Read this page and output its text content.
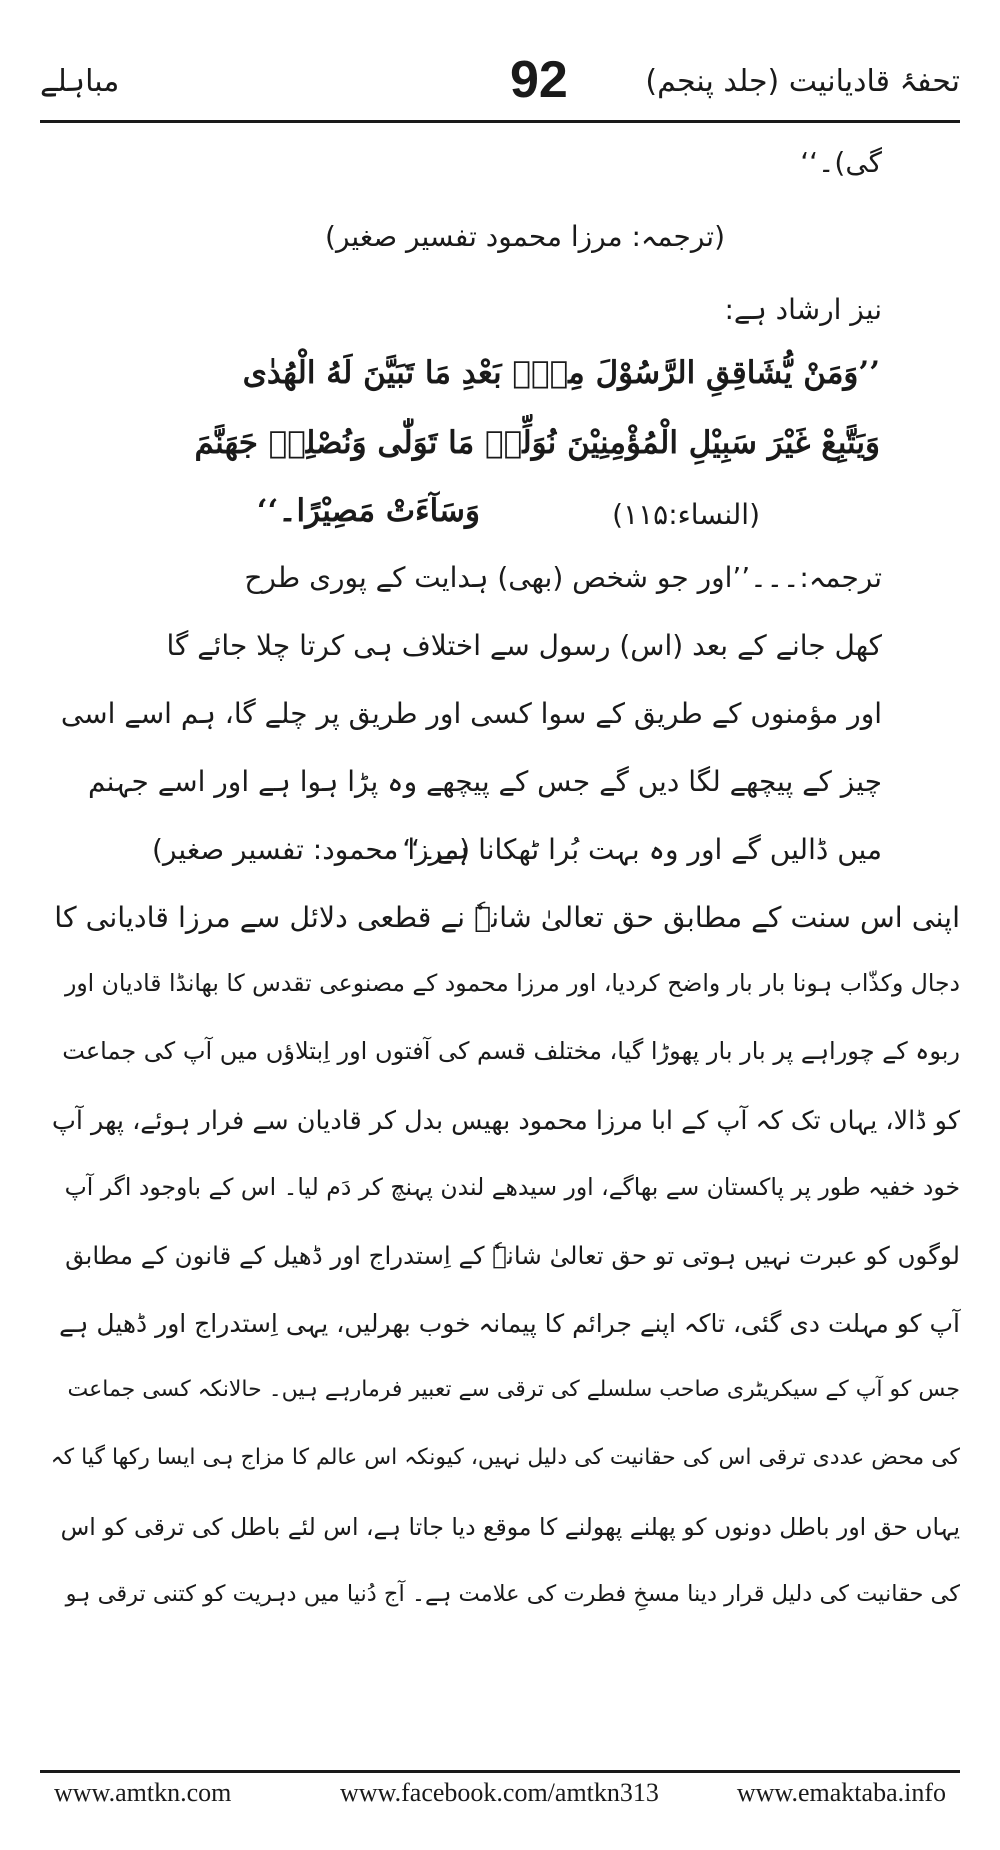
تحفۂ قادیانیت (جلد پنجم)
92
مباہلے
گی)۔‘‘
(ترجمہ: مرزا محمود تفسیر صغیر)
نیز ارشاد ہے:
’’وَمَنْ يُّشَاقِقِ الرَّسُوْلَ مِنْۢ بَعْدِ مَا تَبَيَّنَ لَهُ الْهُدٰى
وَيَتَّبِعْ غَيْرَ سَبِيْلِ الْمُؤْمِنِيْنَ نُوَلِّهٖ مَا تَوَلّٰى وَنُصْلِهٖ جَهَنَّمَ
وَسَآءَتْ مَصِيْرًا۔‘‘	(النساء:۱۱۵)
ترجمہ:۔۔۔’’اور جو شخص (بھی) ہدایت کے پوری طرح
کھل جانے کے بعد (اس) رسول سے اختلاف ہی کرتا چلا جائے گا
اور مؤمنوں کے طریق کے سوا کسی اور طریق پر چلے گا، ہم اسے اسی
چیز کے پیچھے لگا دیں گے جس کے پیچھے وہ پڑا ہوا ہے اور اسے جہنم
میں ڈالیں گے اور وہ بہت بُرا ٹھکانا ہے۔‘‘
(مرزا محمود: تفسیر صغیر)
اپنی اس سنت کے مطابق حق تعالیٰ شانہٗ نے قطعی دلائل سے مرزا قادیانی کا
دجال وکذّاب ہونا بار بار واضح کردیا، اور مرزا محمود کے مصنوعی تقدس کا بھانڈا قادیان اور
ربوہ کے چوراہے پر بار بار پھوڑا گیا، مختلف قسم کی آفتوں اور اِبتلاؤں میں آپ کی جماعت
کو ڈالا، یہاں تک کہ آپ کے ابا مرزا محمود بھیس بدل کر قادیان سے فرار ہوئے، پھر آپ
خود خفیہ طور پر پاکستان سے بھاگے، اور سیدھے لندن پہنچ کر دَم لیا۔ اس کے باوجود اگر آپ
لوگوں کو عبرت نہیں ہوتی تو حق تعالیٰ شانہٗ کے اِستدراج اور ڈھیل کے قانون کے مطابق
آپ کو مہلت دی گئی، تاکہ اپنے جرائم کا پیمانہ خوب بھرلیں، یہی اِستدراج اور ڈھیل ہے
جس کو آپ کے سیکریٹری صاحب سلسلے کی ترقی سے تعبیر فرمارہے ہیں۔ حالانکہ کسی جماعت
کی محض عددی ترقی اس کی حقانیت کی دلیل نہیں، کیونکہ اس عالم کا مزاج ہی ایسا رکھا گیا کہ
یہاں حق اور باطل دونوں کو پھلنے پھولنے کا موقع دیا جاتا ہے، اس لئے باطل کی ترقی کو اس
کی حقانیت کی دلیل قرار دینا مسخِ فطرت کی علامت ہے۔ آج دُنیا میں دہریت کو کتنی ترقی ہو
www.amtkn.com	www.facebook.com/amtkn313	www.emaktaba.info
